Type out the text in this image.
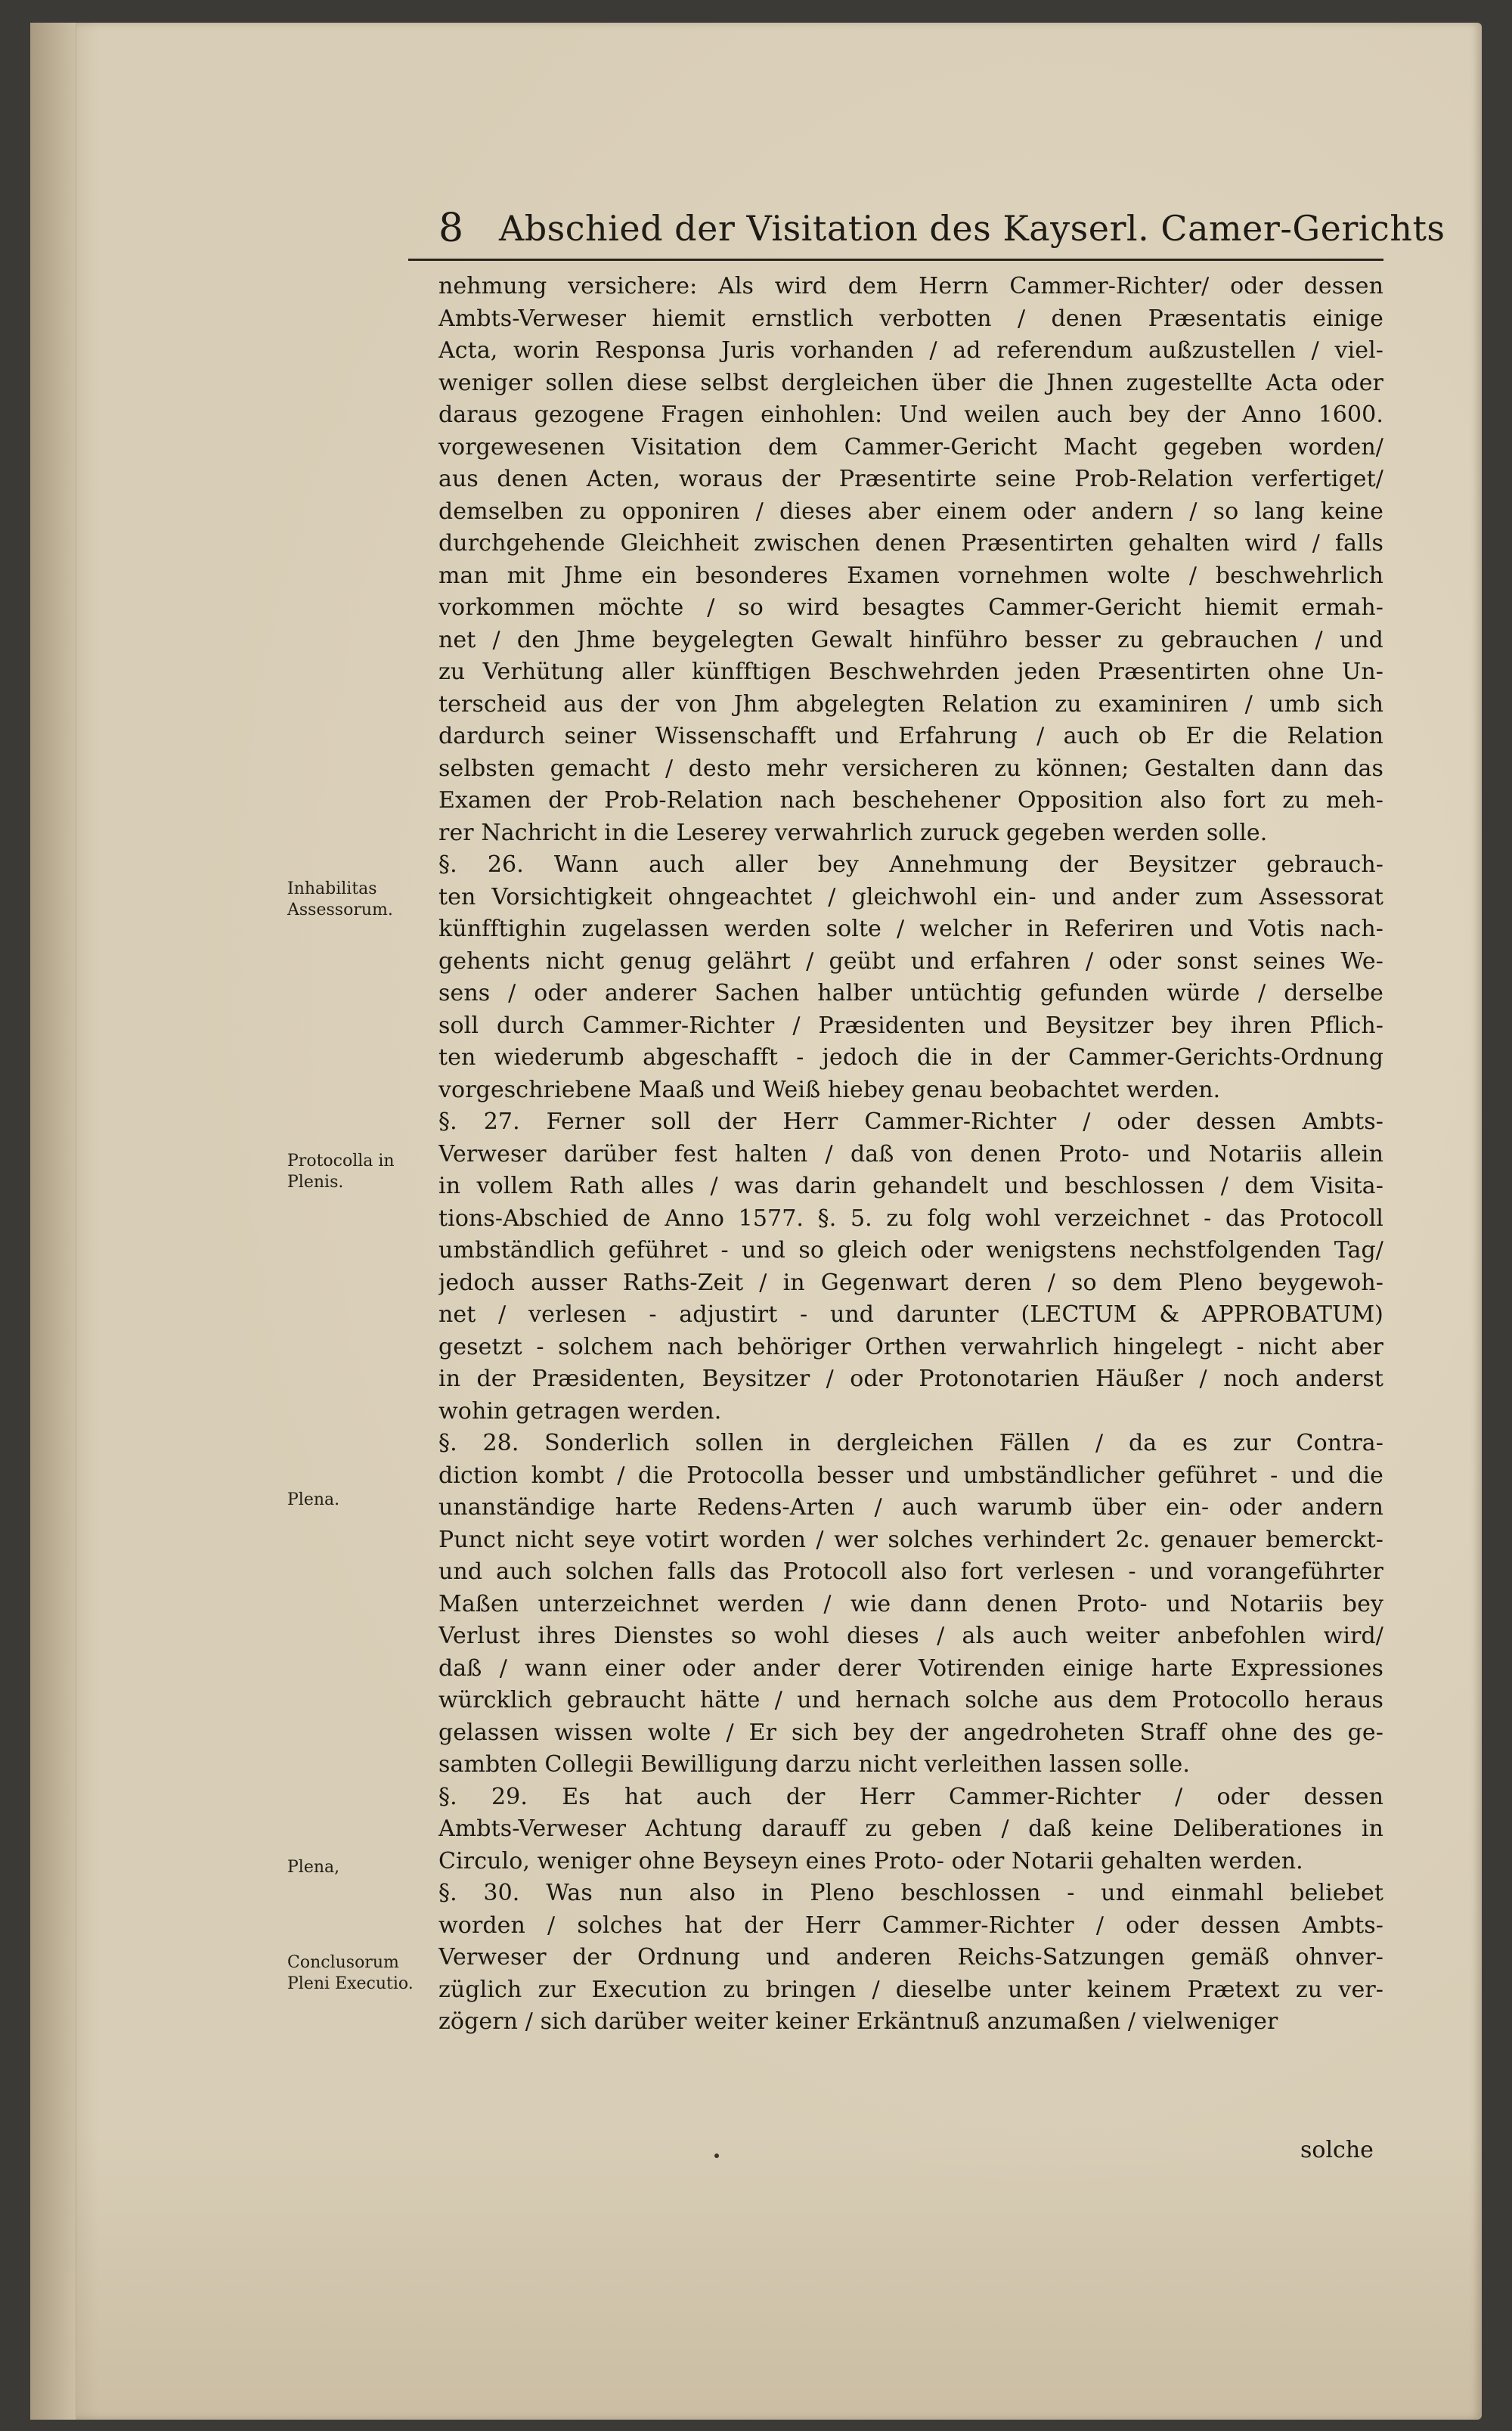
8 Abschied der Visitation des Kayserl. Camer-Gerichts
Inhabilitas Assessorum.
Protocolla in Plenis.
Plena.
Plena,
Conclusorum Pleni Executio.
nehmung versichere: Als wird dem Herrn Cammer-Richter/ oder dessen
Ambts-Verweser hiemit ernstlich verbotten / denen Præsentatis einige
Acta, worin Responsa Juris vorhanden / ad referendum außzustellen / viel-
weniger sollen diese selbst dergleichen über die Jhnen zugestellte Acta oder
daraus gezogene Fragen einhohlen: Und weilen auch bey der Anno 1600.
vorgewesenen Visitation dem Cammer-Gericht Macht gegeben worden/
aus denen Acten, woraus der Præsentirte seine Prob-Relation verfertiget/
demselben zu opponiren / dieses aber einem oder andern / so lang keine
durchgehende Gleichheit zwischen denen Præsentirten gehalten wird / falls
man mit Jhme ein besonderes Examen vornehmen wolte / beschwehrlich
vorkommen möchte / so wird besagtes Cammer-Gericht hiemit ermah-
net / den Jhme beygelegten Gewalt hinführo besser zu gebrauchen / und
zu Verhütung aller künfftigen Beschwehrden jeden Præsentirten ohne Un-
terscheid aus der von Jhm abgelegten Relation zu examiniren / umb sich
dardurch seiner Wissenschafft und Erfahrung / auch ob Er die Relation
selbsten gemacht / desto mehr versicheren zu können; Gestalten dann das
Examen der Prob-Relation nach beschehener Opposition also fort zu meh-
rer Nachricht in die Leserey verwahrlich zuruck gegeben werden solle.
§. 26. Wann auch aller bey Annehmung der Beysitzer gebrauch-
ten Vorsichtigkeit ohngeachtet / gleichwohl ein- und ander zum Assessorat
künfftighin zugelassen werden solte / welcher in Referiren und Votis nach-
gehents nicht genug gelährt / geübt und erfahren / oder sonst seines We-
sens / oder anderer Sachen halber untüchtig gefunden würde / derselbe
soll durch Cammer-Richter / Præsidenten und Beysitzer bey ihren Pflich-
ten wiederumb abgeschafft - jedoch die in der Cammer-Gerichts-Ordnung
vorgeschriebene Maaß und Weiß hiebey genau beobachtet werden.
§. 27. Ferner soll der Herr Cammer-Richter / oder dessen Ambts-
Verweser darüber fest halten / daß von denen Proto- und Notariis allein
in vollem Rath alles / was darin gehandelt und beschlossen / dem Visita-
tions-Abschied de Anno 1577. §. 5. zu folg wohl verzeichnet - das Protocoll
umbständlich geführet - und so gleich oder wenigstens nechstfolgenden Tag/
jedoch ausser Raths-Zeit / in Gegenwart deren / so dem Pleno beygewoh-
net / verlesen - adjustirt - und darunter (LECTUM & APPROBATUM)
gesetzt - solchem nach behöriger Orthen verwahrlich hingelegt - nicht aber
in der Præsidenten, Beysitzer / oder Protonotarien Häußer / noch anderst
wohin getragen werden.
§. 28. Sonderlich sollen in dergleichen Fällen / da es zur Contra-
diction kombt / die Protocolla besser und umbständlicher geführet - und die
unanständige harte Redens-Arten / auch warumb über ein- oder andern
Punct nicht seye votirt worden / wer solches verhindert 2c. genauer bemerckt-
und auch solchen falls das Protocoll also fort verlesen - und vorangeführter
Maßen unterzeichnet werden / wie dann denen Proto- und Notariis bey
Verlust ihres Dienstes so wohl dieses / als auch weiter anbefohlen wird/
daß / wann einer oder ander derer Votirenden einige harte Expressiones
würcklich gebraucht hätte / und hernach solche aus dem Protocollo heraus
gelassen wissen wolte / Er sich bey der angedroheten Straff ohne des ge-
sambten Collegii Bewilligung darzu nicht verleithen lassen solle.
§. 29. Es hat auch der Herr Cammer-Richter / oder dessen
Ambts-Verweser Achtung darauff zu geben / daß keine Deliberationes in
Circulo, weniger ohne Beyseyn eines Proto- oder Notarii gehalten werden.
§. 30. Was nun also in Pleno beschlossen - und einmahl beliebet
worden / solches hat der Herr Cammer-Richter / oder dessen Ambts-
Verweser der Ordnung und anderen Reichs-Satzungen gemäß ohnver-
züglich zur Execution zu bringen / dieselbe unter keinem Prætext zu ver-
zögern / sich darüber weiter keiner Erkäntnuß anzumaßen / vielweniger
solche
